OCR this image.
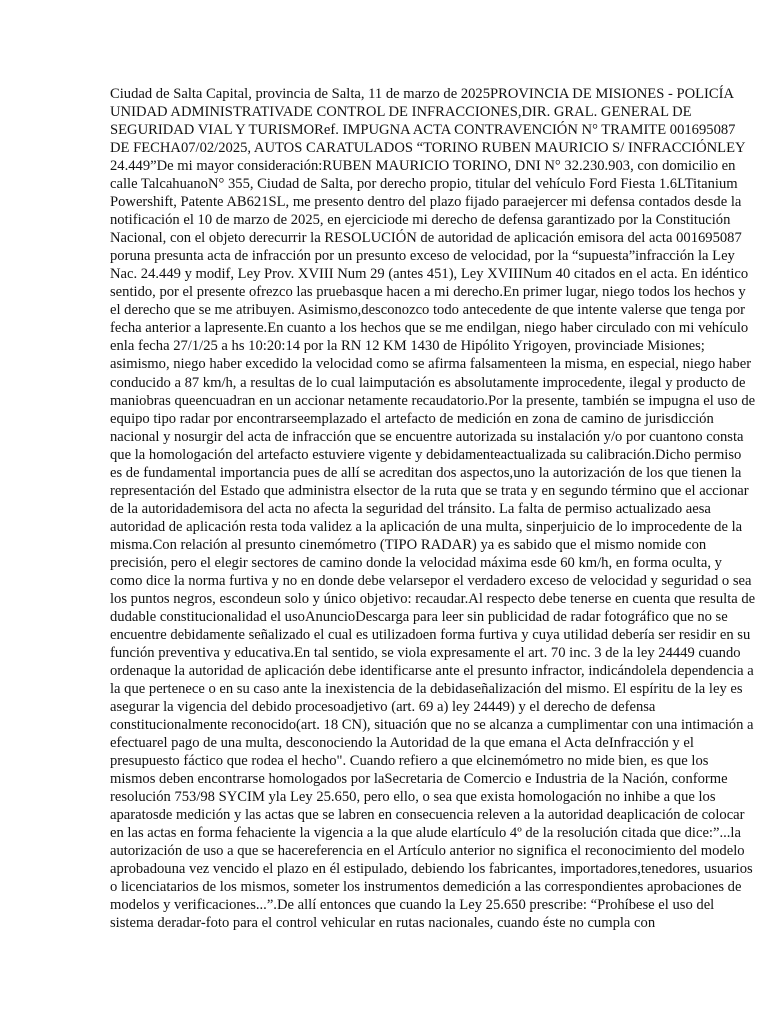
Ciudad de Salta Capital, provincia de Salta, 11 de marzo de 2025PROVINCIA DE MISIONES - POLICÍA UNIDAD ADMINISTRATIVADE CONTROL DE INFRACCIONES,DIR. GRAL. GENERAL DE SEGURIDAD VIAL Y TURISMORef. IMPUGNA ACTA CONTRAVENCIÓN N° TRAMITE 001695087 DE FECHA07/02/2025, AUTOS CARATULADOS “TORINO RUBEN MAURICIO S/ INFRACCIÓNLEY 24.449”De mi mayor consideración:RUBEN MAURICIO TORINO, DNI N° 32.230.903, con domicilio en calle TalcahuanoN° 355, Ciudad de Salta, por derecho propio, titular del vehículo Ford Fiesta 1.6LTitanium Powershift, Patente AB621SL, me presento dentro del plazo fijado paraejercer mi defensa contados desde la notificación el 10 de marzo de 2025, en ejerciciode mi derecho de defensa garantizado por la Constitución Nacional, con el objeto derecurrir la RESOLUCIÓN de autoridad de aplicación emisora del acta 001695087 poruna presunta acta de infracción por un presunto exceso de velocidad, por la “supuesta”infracción la Ley Nac. 24.449 y modif, Ley Prov. XVIII Num 29 (antes 451), Ley XVIIINum 40 citados en el acta. En idéntico sentido, por el presente ofrezco las pruebasque hacen a mi derecho.En primer lugar, niego todos los hechos y el derecho que se me atribuyen. Asimismo,desconozco todo antecedente de que intente valerse que tenga por fecha anterior a lapresente.En cuanto a los hechos que se me endilgan, niego haber circulado con mi vehículo enla fecha 27/1/25 a hs 10:20:14 por la RN 12 KM 1430 de Hipólito Yrigoyen, provinciade Misiones; asimismo, niego haber excedido la velocidad como se afirma falsamenteen la misma, en especial, niego haber conducido a 87 km/h, a resultas de lo cual laimputación es absolutamente improcedente, ilegal y producto de maniobras queencuadran en un accionar netamente recaudatorio.Por la presente, también se impugna el uso de equipo tipo radar por encontrarseemplazado el artefacto de medición en zona de camino de jurisdicción nacional y nosurgir del acta de infracción que se encuentre autorizada su instalación y/o por cuantono consta que la homologación del artefacto estuviere vigente y debidamenteactualizada su calibración.Dicho permiso es de fundamental importancia pues de allí se acreditan dos aspectos,uno la autorización de los que tienen la representación del Estado que administra elsector de la ruta que se trata y en segundo término que el accionar de la autoridademisora del acta no afecta la seguridad del tránsito. La falta de permiso actualizado aesa autoridad de aplicación resta toda validez a la aplicación de una multa, sinperjuicio de lo improcedente de la misma.Con relación al presunto cinemómetro (TIPO RADAR) ya es sabido que el mismo nomide con precisión, pero el elegir sectores de camino donde la velocidad máxima esde 60 km/h, en forma oculta, y como dice la norma furtiva y no en donde debe velarsepor el verdadero exceso de velocidad y seguridad o sea los puntos negros, escondeun solo y único objetivo: recaudar.Al respecto debe tenerse en cuenta que resulta de dudable constitucionalidad el usoAnuncioDescarga para leer sin publicidad de radar fotográfico que no se encuentre debidamente señalizado el cual es utilizadoen forma furtiva y cuya utilidad debería ser residir en su función preventiva y educativa.En tal sentido, se viola expresamente el art. 70 inc. 3 de la ley 24449 cuando ordenaque la autoridad de aplicación debe identificarse ante el presunto infractor, indicándolela dependencia a la que pertenece o en su caso ante la inexistencia de la debidaseñalización del mismo. El espíritu de la ley es asegurar la vigencia del debido procesoadjetivo (art. 69 a) ley 24449) y el derecho de defensa constitucionalmente reconocido(art. 18 CN), situación que no se alcanza a cumplimentar con una intimación a efectuarel pago de una multa, desconociendo la Autoridad de la que emana el Acta deInfracción y el presupuesto fáctico que rodea el hecho". Cuando refiero a que elcinemómetro no mide bien, es que los mismos deben encontrarse homologados por laSecretaria de Comercio e Industria de la Nación, conforme resolución 753/98 SYCIM yla Ley 25.650, pero ello, o sea que exista homologación no inhibe a que los aparatosde medición y las actas que se labren en consecuencia releven a la autoridad deaplicación de colocar en las actas en forma fehaciente la vigencia a la que alude elartículo 4º de la resolución citada que dice:”...la autorización de uso a que se hacereferencia en el Artículo anterior no significa el reconocimiento del modelo aprobadouna vez vencido el plazo en él estipulado, debiendo los fabricantes, importadores,tenedores, usuarios o licenciatarios de los mismos, someter los instrumentos demedición a las correspondientes aprobaciones de modelos y verificaciones...”.De allí entonces que cuando la Ley 25.650 prescribe: “Prohíbese el uso del sistema deradar-foto para el control vehicular en rutas nacionales, cuando éste no cumpla con
